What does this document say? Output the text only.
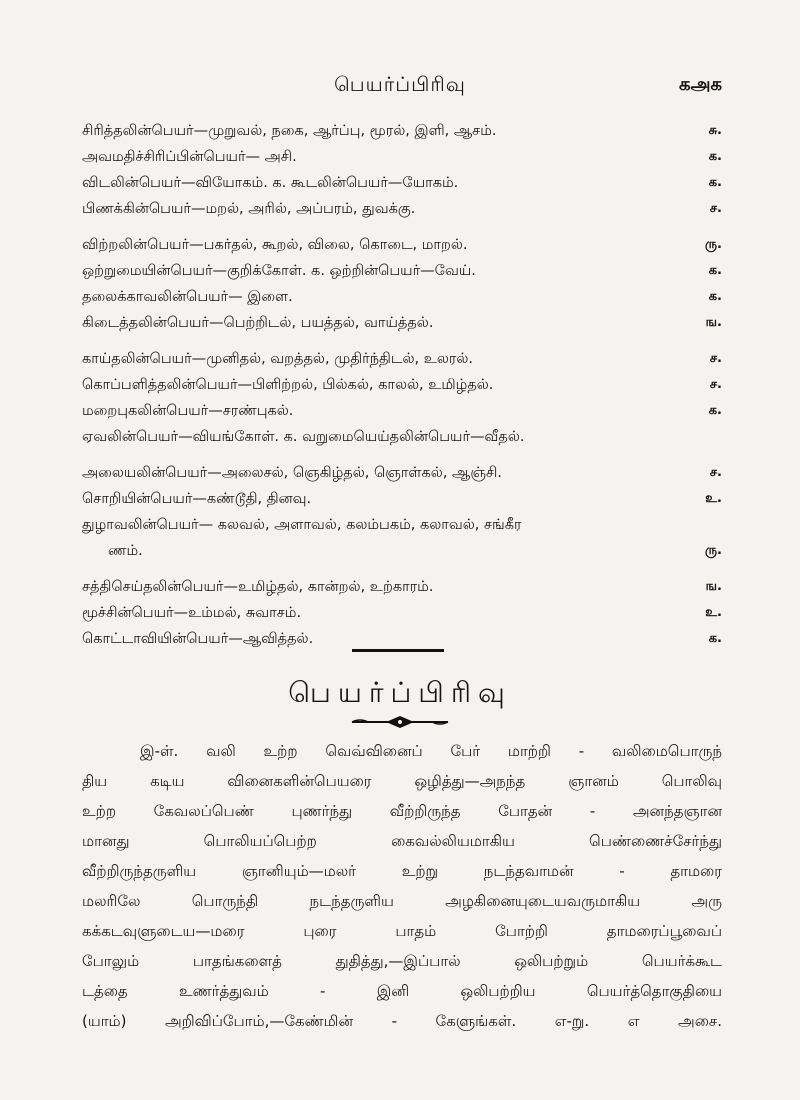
பெயர்ப்பிரிவு	கஅக
சிரித்தலின்பெயர்—முறுவல், நகை, ஆர்ப்பு, மூரல், இளி, ஆசம்.	சு.
அவமதிச்சிரிப்பின்பெயர்— அசி.	க.
விடலின்பெயர்—வியோகம். க. கூடலின்பெயர்—யோகம்.	க.
பிணக்கின்பெயர்—மறல், அரில், அப்பரம், துவக்கு.	ச.
விற்றலின்பெயர்—பகர்தல், கூறல், விலை, கொடை, மாறல்.	ரு.
ஒற்றுமையின்பெயர்—குறிக்கோள். க. ஒற்றின்பெயர்—வேய்.	க.
தலைக்காவலின்பெயர்— இளை.	க.
கிடைத்தலின்பெயர்—பெற்றிடல், பயத்தல், வாய்த்தல்.	ங.
காய்தலின்பெயர்—முனிதல், வறத்தல், முதிர்ந்திடல், உலரல்.	ச.
கொப்பளித்தலின்பெயர்—பிளிற்றல், பில்கல், காலல், உமிழ்தல்.	ச.
மறைபுகலின்பெயர்—சரண்புகல்.	க.
ஏவலின்பெயர்—வியங்கோள். க. வறுமையெய்தலின்பெயர்—வீதல்.
அலையலின்பெயர்—அலைசல், ஞெகிழ்தல், ஞொள்கல், ஆஞ்சி.	ச.
சொறியின்பெயர்—கண்டூதி, தினவு.	உ.
துழாவலின்பெயர்— கலவல், அளாவல், கலம்பகம், கலாவல், சங்கீர
ணம்.	ரு.
சத்திசெய்தலின்பெயர்—உமிழ்தல், கான்றல், உற்காரம்.	ங.
மூச்சின்பெயர்—உம்மல், சுவாசம்.	உ.
கொட்டாவியின்பெயர்—ஆவித்தல்.	க.
பெயர்ப்பிரிவு
இ-ள். வலி உற்ற வெவ்வினைப் பேர் மாற்றி - வலிமைபொருந்
திய கடிய வினைகளின்பெயரை ஒழித்து—அநந்த ஞானம் பொலிவு
உற்ற கேவலப்பெண் புணர்ந்து வீற்றிருந்த போதன் - அனந்தஞான
மானது பொலியப்பெற்ற கைவல்லியமாகிய பெண்ணைச்சேர்ந்து
வீற்றிருந்தருளிய ஞானியும்—மலர் உற்று நடந்தவாமன் - தாமரை
மலரிலே பொருந்தி நடந்தருளிய அழகினையுடையவருமாகிய அரு
கக்கடவுளுடைய—மரை புரை பாதம் போற்றி தாமரைப்பூவைப்
போலும் பாதங்களைத் துதித்து,—இப்பால் ஒலிபற்றும் பெயர்க்கூட
டத்தை உணர்த்துவம் - இனி ஒலிபற்றிய பெயர்த்தொகுதியை
(யாம்) அறிவிப்போம்,—கேண்மின் - கேளுங்கள். எ-று. எ அசை.
